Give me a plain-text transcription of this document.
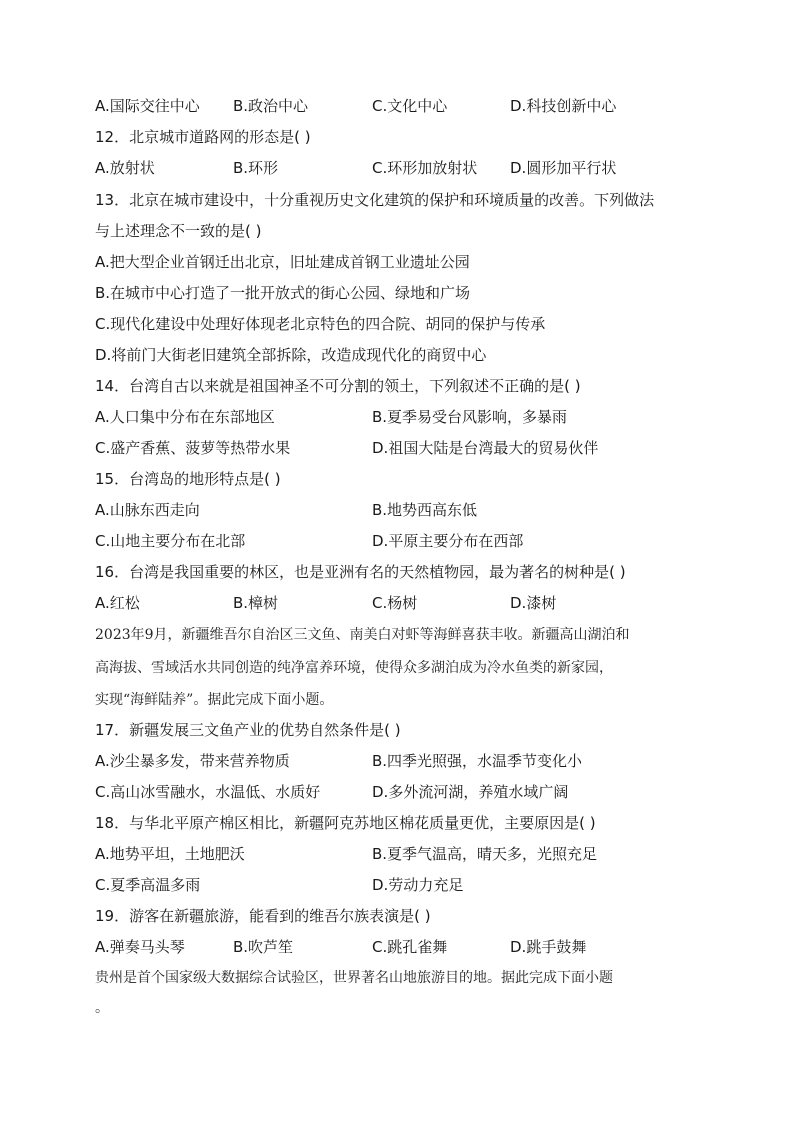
A.国际交往中心 B.政治中心	C.文化中心	D.科技创新中心
12．北京城市道路网的形态是( )
A.放射状	B.环形	C.环形加放射状 D.圆形加平行状
13．北京在城市建设中，十分重视历史文化建筑的保护和环境质量的改善。下列做法
与上述理念不一致的是( )
A.把大型企业首钢迁出北京，旧址建成首钢工业遗址公园
B.在城市中心打造了一批开放式的街心公园、绿地和广场
C.现代化建设中处理好体现老北京特色的四合院、胡同的保护与传承
D.将前门大街老旧建筑全部拆除，改造成现代化的商贸中心
14．台湾自古以来就是祖国神圣不可分割的领土，下列叙述不正确的是( )
A.人口集中分布在东部地区	B.夏季易受台风影响，多暴雨
C.盛产香蕉、菠萝等热带水果	D.祖国大陆是台湾最大的贸易伙伴
15．台湾岛的地形特点是( )
A.山脉东西走向	B.地势西高东低
C.山地主要分布在北部	D.平原主要分布在西部
16．台湾是我国重要的林区，也是亚洲有名的天然植物园，最为著名的树种是( )
A.红松	B.樟树	C.杨树	D.漆树
2023年9月，新疆维吾尔自治区三文鱼、南美白对虾等海鲜喜获丰收。新疆高山湖泊和
高海拔、雪域活水共同创造的纯净富养环境，使得众多湖泊成为冷水鱼类的新家园，
实现“海鲜陆养”。据此完成下面小题。
17．新疆发展三文鱼产业的优势自然条件是( )
A.沙尘暴多发，带来营养物质	B.四季光照强，水温季节变化小
C.高山冰雪融水，水温低、水质好	D.多外流河湖，养殖水域广阔
18．与华北平原产棉区相比，新疆阿克苏地区棉花质量更优，主要原因是( )
A.地势平坦，土地肥沃	B.夏季气温高，晴天多，光照充足
C.夏季高温多雨	D.劳动力充足
19．游客在新疆旅游，能看到的维吾尔族表演是( )
A.弹奏马头琴	B.吹芦笙	C.跳孔雀舞	D.跳手鼓舞
贵州是首个国家级大数据综合试验区，世界著名山地旅游目的地。据此完成下面小题
。
